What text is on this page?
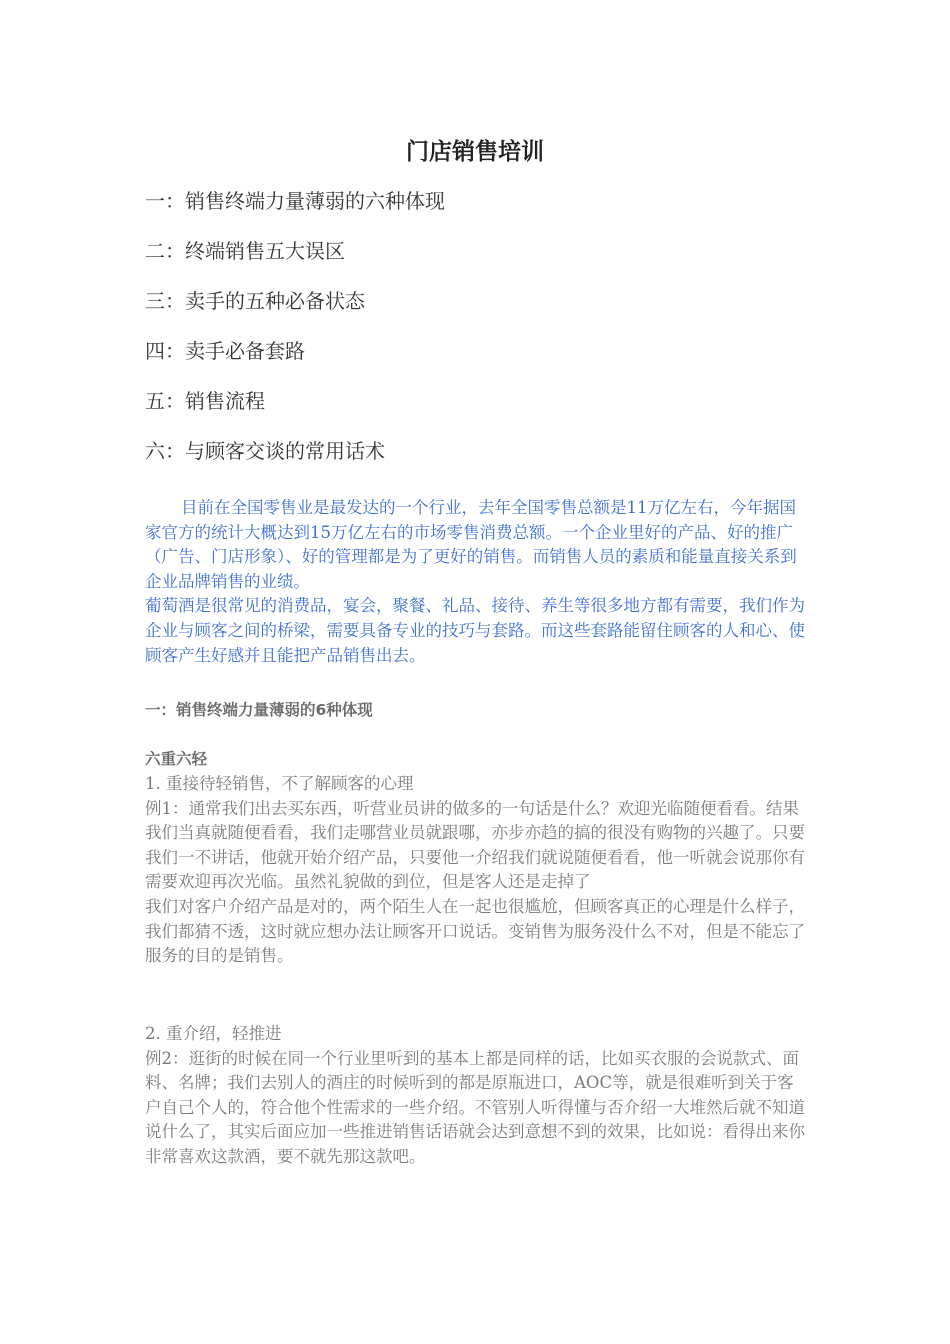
门店销售培训
一：销售终端力量薄弱的六种体现
二：终端销售五大误区
三：卖手的五种必备状态
四：卖手必备套路
五：销售流程
六：与顾客交谈的常用话术

目前在全国零售业是最发达的一个行业，去年全国零售总额是11万亿左右，今年据国家官方的统计大概达到15万亿左右的市场零售消费总额。一个企业里好的产品、好的推广（广告、门店形象）、好的管理都是为了更好的销售。而销售人员的素质和能量直接关系到企业品牌销售的业绩。

葡萄酒是很常见的消费品，宴会，聚餐、礼品、接待、养生等很多地方都有需要，我们作为企业与顾客之间的桥梁，需要具备专业的技巧与套路。而这些套路能留住顾客的人和心、使顾客产生好感并且能把产品销售出去。

一：销售终端力量薄弱的6种体现
六重六轻

1. 重接待轻销售，不了解顾客的心理

例1：通常我们出去买东西，听营业员讲的做多的一句话是什么？欢迎光临随便看看。结果我们当真就随便看看，我们走哪营业员就跟哪，亦步亦趋的搞的很没有购物的兴趣了。只要我们一不讲话，他就开始介绍产品，只要他一介绍我们就说随便看看，他一听就会说那你有需要欢迎再次光临。虽然礼貌做的到位，但是客人还是走掉了

我们对客户介绍产品是对的，两个陌生人在一起也很尴尬，但顾客真正的心理是什么样子，我们都猜不透，这时就应想办法让顾客开口说话。变销售为服务没什么不对，但是不能忘了服务的目的是销售。

2. 重介绍，轻推进

例2：逛街的时候在同一个行业里听到的基本上都是同样的话，比如买衣服的会说款式、面料、名牌；我们去别人的酒庄的时候听到的都是原瓶进口，AOC等，就是很难听到关于客户自己个人的，符合他个性需求的一些介绍。不管别人听得懂与否介绍一大堆然后就不知道说什么了，其实后面应加一些推进销售话语就会达到意想不到的效果，比如说：看得出来你非常喜欢这款酒，要不就先那这款吧。
